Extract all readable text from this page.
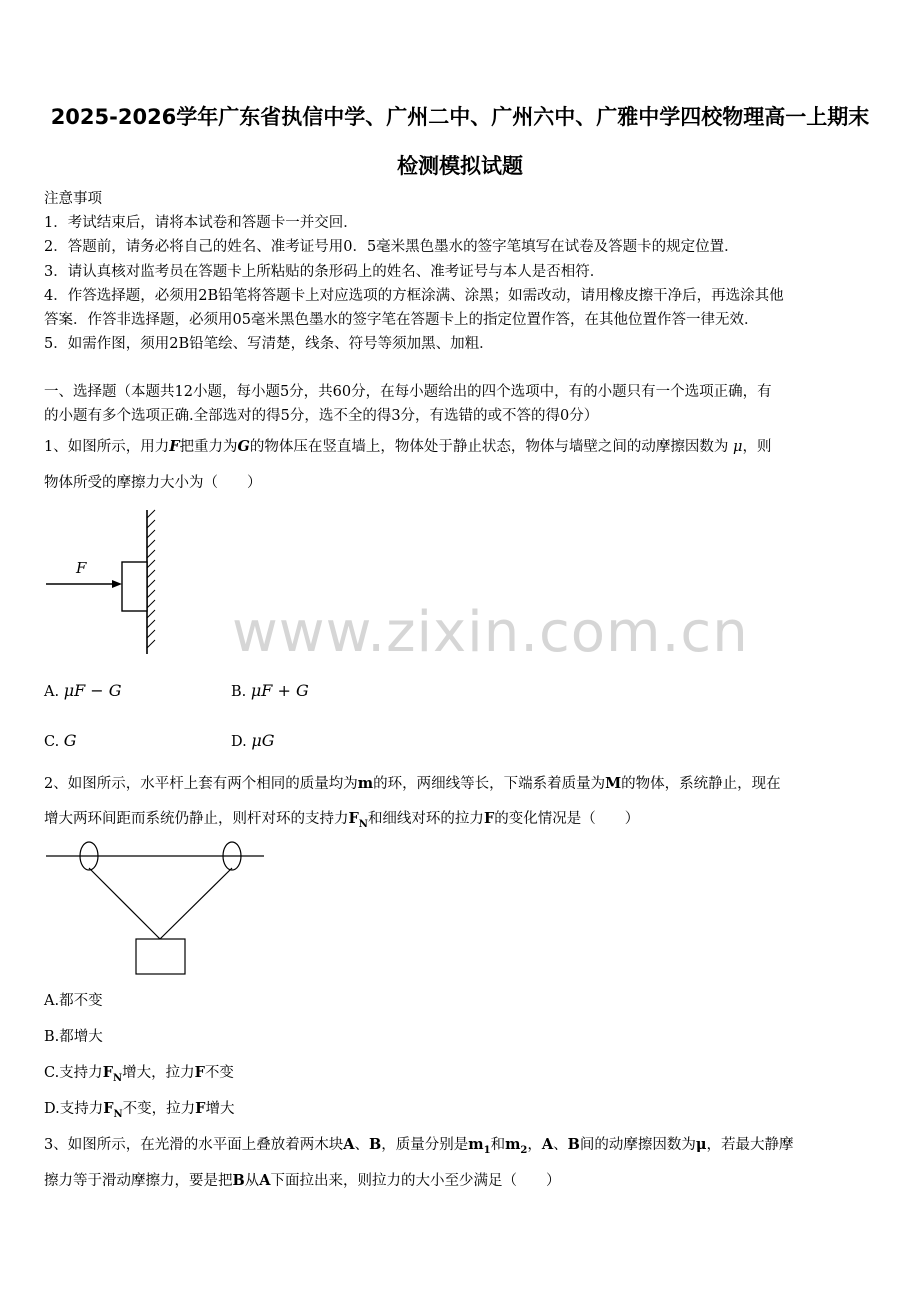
2025-2026学年广东省执信中学、广州二中、广州六中、广雅中学四校物理高一上期末
检测模拟试题
注意事项
1．考试结束后，请将本试卷和答题卡一并交回．
2．答题前，请务必将自己的姓名、准考证号用0．5毫米黑色墨水的签字笔填写在试卷及答题卡的规定位置．
3．请认真核对监考员在答题卡上所粘贴的条形码上的姓名、准考证号与本人是否相符．
4．作答选择题，必须用2B铅笔将答题卡上对应选项的方框涂满、涂黑；如需改动，请用橡皮擦干净后，再选涂其他
答案．作答非选择题，必须用05毫米黑色墨水的签字笔在答题卡上的指定位置作答，在其他位置作答一律无效．
5．如需作图，须用2B铅笔绘、写清楚，线条、符号等须加黑、加粗．
一、选择题（本题共12小题，每小题5分，共60分，在每小题给出的四个选项中，有的小题只有一个选项正确，有
的小题有多个选项正确.全部选对的得5分，选不全的得3分，有选错的或不答的得0分）
1、如图所示，用力F把重力为G的物体压在竖直墙上，物体处于静止状态，物体与墙壁之间的动摩擦因数为 μ，则
物体所受的摩擦力大小为（　　）
F
www.zixin.com.cn
A. μF − G	B. μF + G
C. G	D. μG
2、如图所示，水平杆上套有两个相同的质量均为m的环，两细线等长，下端系着质量为M的物体，系统静止，现在
增大两环间距而系统仍静止，则杆对环的支持力$F_N$和细线对环的拉力F的变化情况是（　　）
A.都不变
B.都增大
C.支持力$F_N$增大，拉力F不变
D.支持力$F_N$不变，拉力F增大
3、如图所示，在光滑的水平面上叠放着两木块A、B，质量分别是$m_1$和$m_2$，A、B间的动摩擦因数为μ，若最大静摩
擦力等于滑动摩擦力，要是把B从A下面拉出来，则拉力的大小至少满足（　　）
